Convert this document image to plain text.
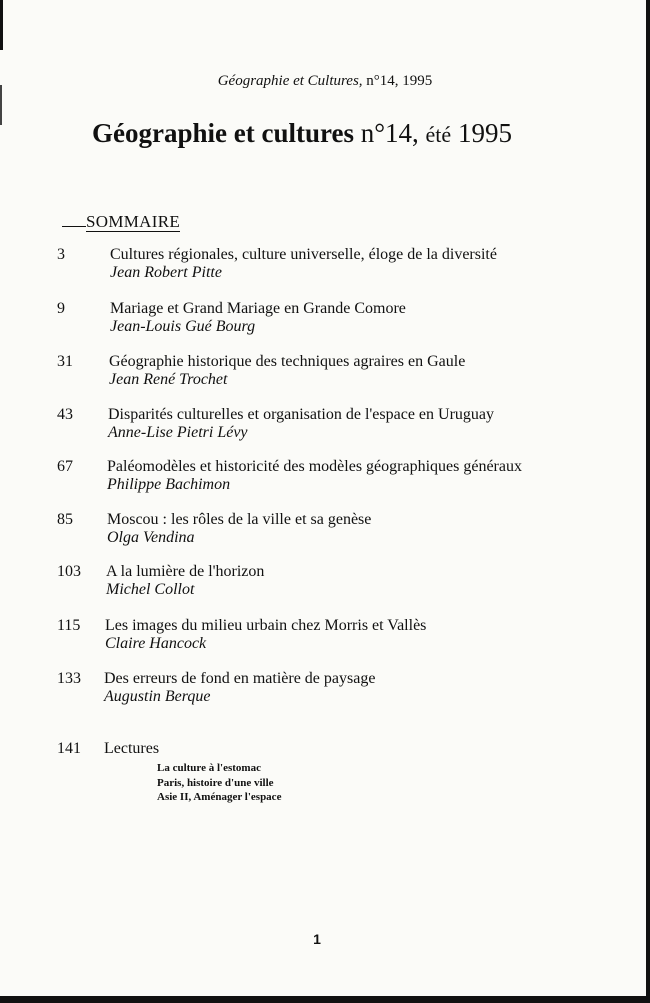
Géographie et Cultures, n°14, 1995
Géographie et cultures n°14, été 1995
SOMMAIRE
3	Cultures régionales, culture universelle, éloge de la diversité
Jean Robert Pitte
9	Mariage et Grand Mariage en Grande Comore
Jean-Louis Gué Bourg
31 Géographie historique des techniques agraires en Gaule
Jean René Trochet
43 Disparités culturelles et organisation de l'espace en Uruguay
Anne-Lise Pietri Lévy
67 Paléomodèles et historicité des modèles géographiques généraux
Philippe Bachimon
85 Moscou : les rôles de la ville et sa genèse
Olga Vendina
103 A la lumière de l'horizon
Michel Collot
115 Les images du milieu urbain chez Morris et Vallès
Claire Hancock
133 Des erreurs de fond en matière de paysage
Augustin Berque
141 Lectures
La culture à l'estomac
Paris, histoire d'une ville
Asie II, Aménager l'espace
1
